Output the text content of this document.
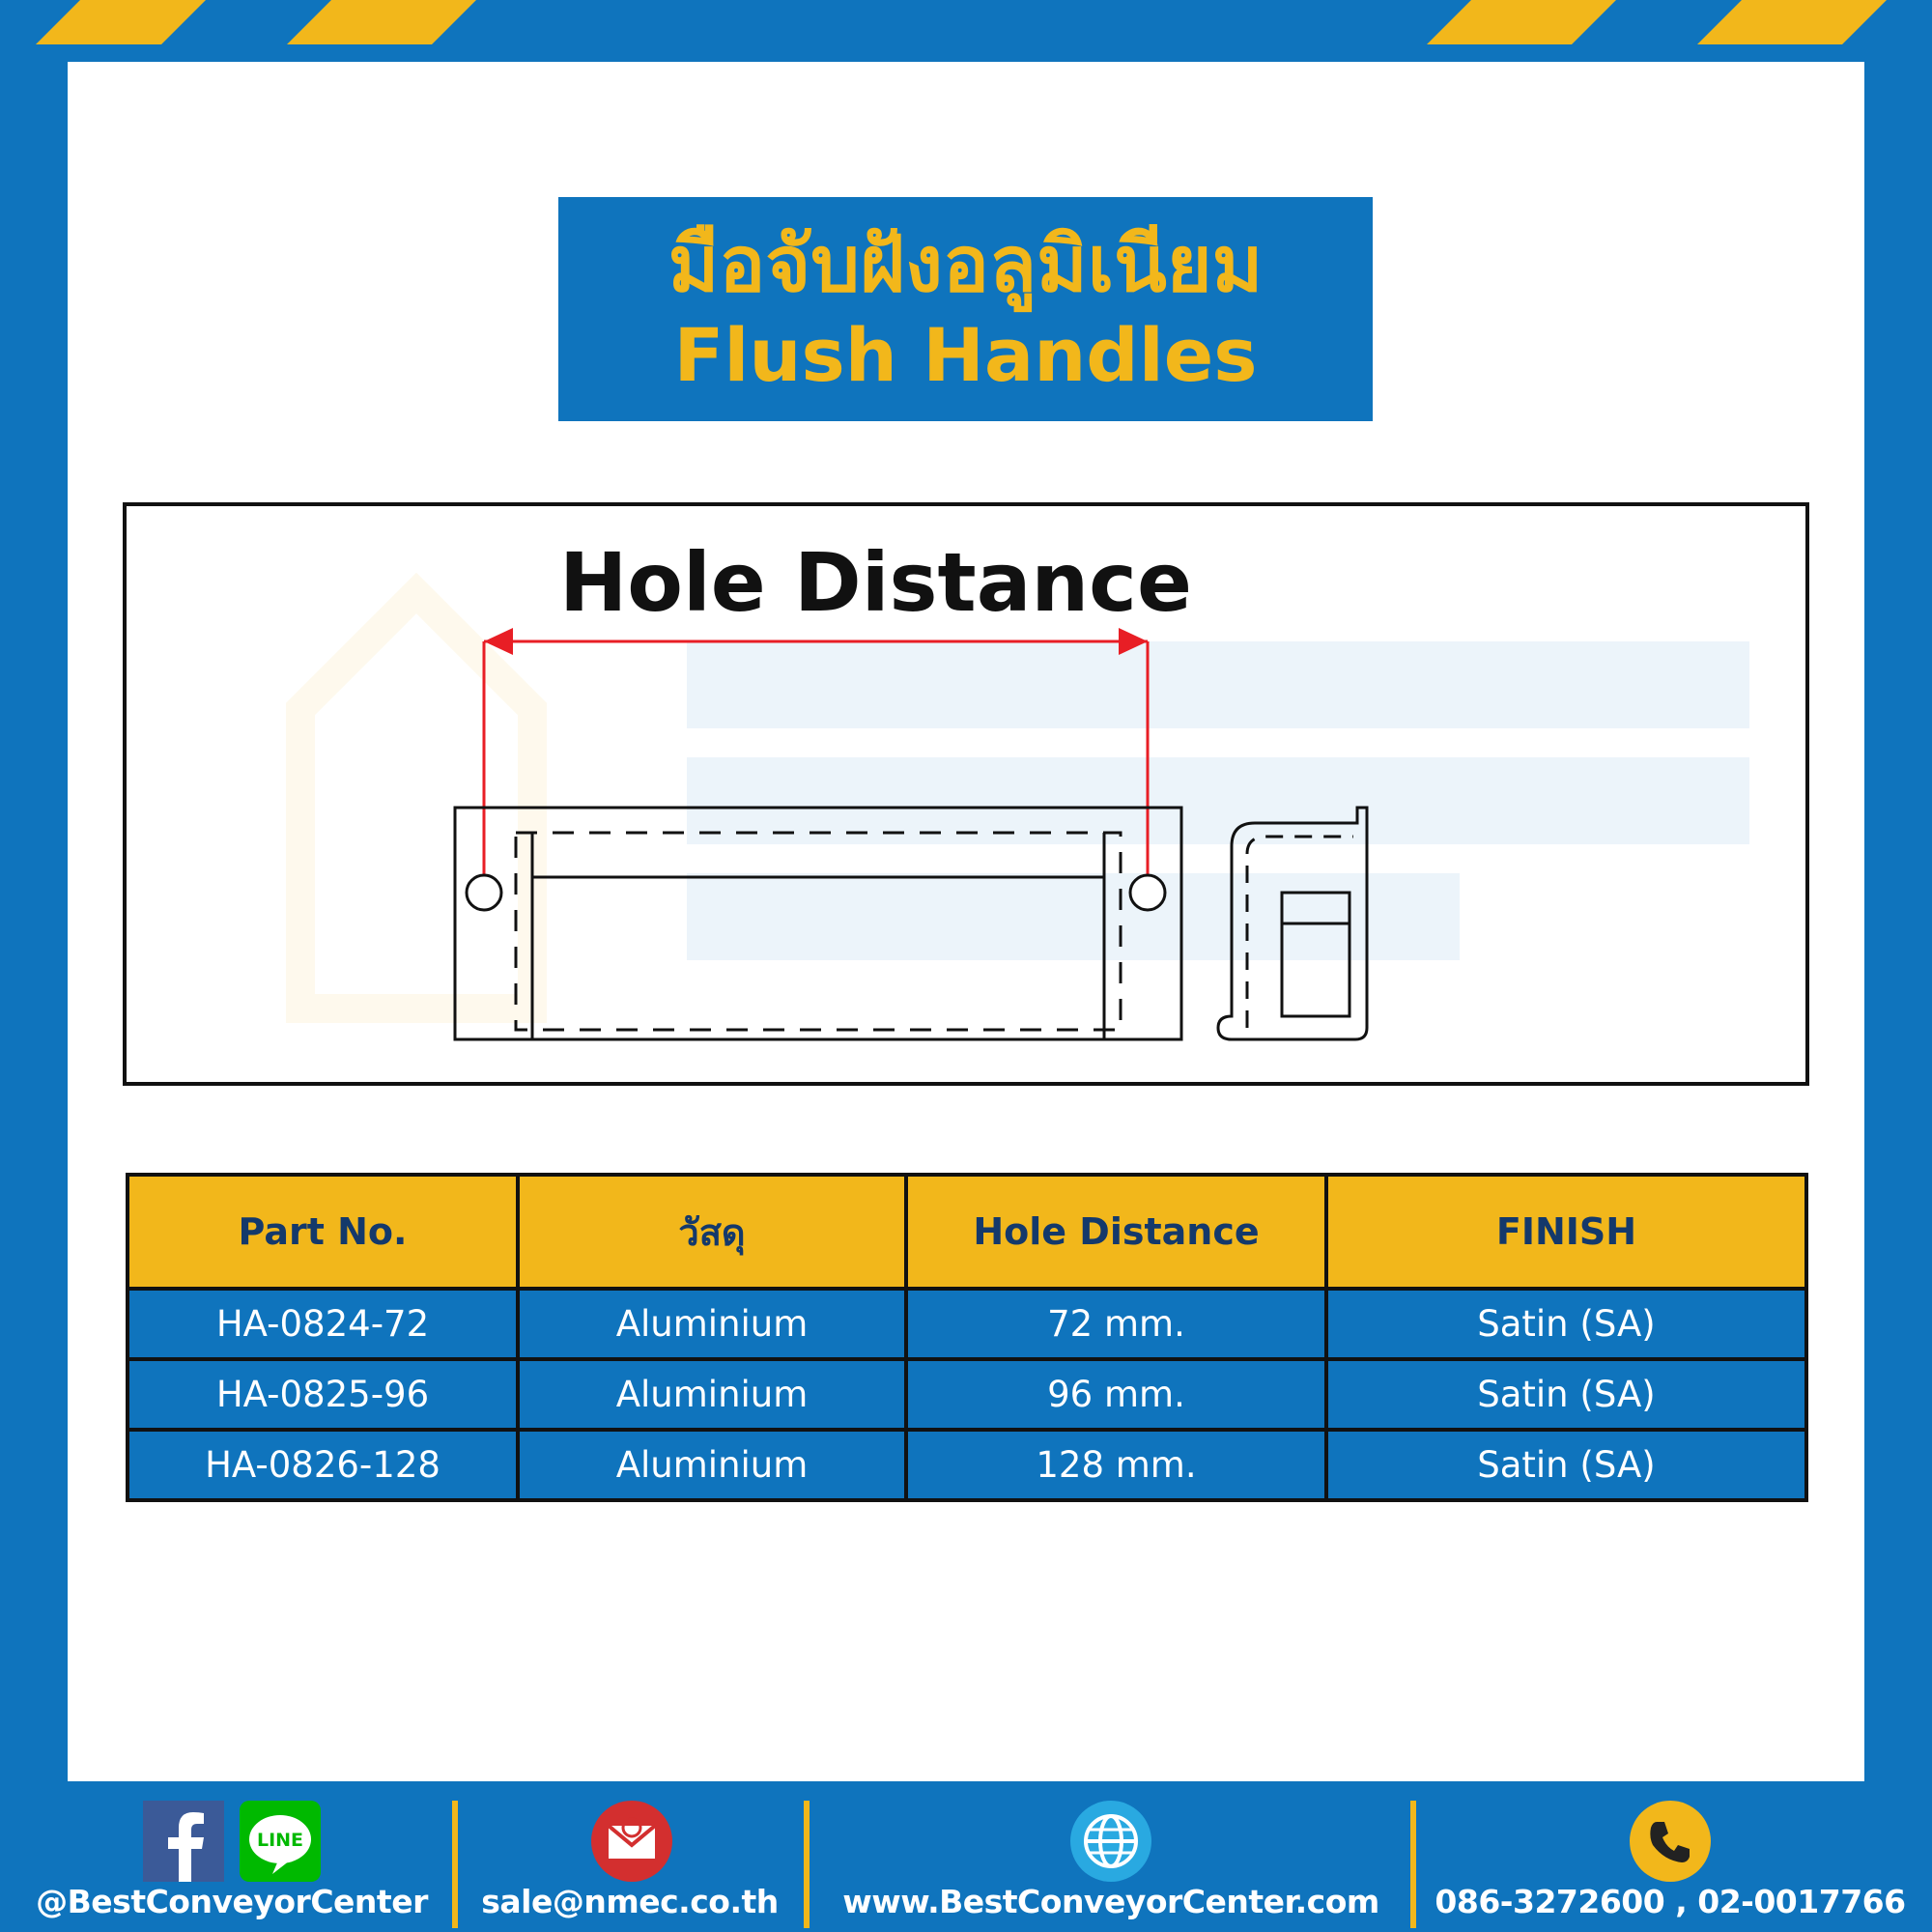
มือจับฝังอลูมิเนียม
Flush Handles
Hole Distance
Part No.	วัสดุ	Hole Distance	FINISH
HA-0824-72	Aluminium	72 mm.	Satin (SA)
HA-0825-96	Aluminium	96 mm.	Satin (SA)
HA-0826-128	Aluminium	128 mm.	Satin (SA)
LINE
@BestConveyorCenter	sale@nmec.co.th	www.BestConveyorCenter.com	086-3272600 , 02-0017766
